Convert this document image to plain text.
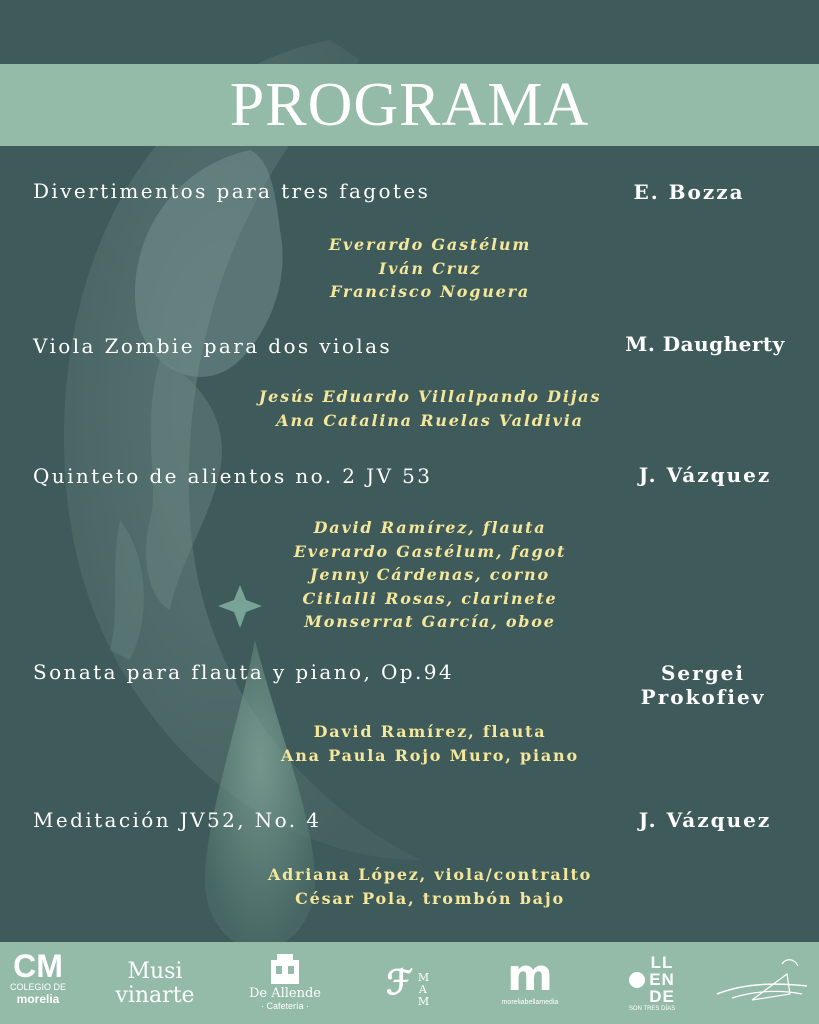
PROGRAMA
Divertimentos para tres fagotes	E. Bozza
Everardo Gastélum
Iván Cruz
Francisco Noguera
Viola Zombie para dos violas	M. Daugherty
Jesús Eduardo Villalpando Dijas
Ana Catalina Ruelas Valdivia
Quinteto de alientos no. 2 JV 53	J. Vázquez
David Ramírez, flauta
Everardo Gastélum, fagot
Jenny Cárdenas, corno
Citlalli Rosas, clarinete
Monserrat García, oboe
Sonata para flauta y piano, Op.94	Sergei
Prokofiev
David Ramírez, flauta
Ana Paula Rojo Muro, piano
Meditación JV52, No. 4	J. Vázquez
Adriana López, viola/contralto
César Pola, trombón bajo
CM
COLEGIO DE
morelia
Musi
vinarte	De Allende
· Cafetería ·
ℱ M A M	m
moreliabellamedia
LL
EN
DE
SON TRES DÍAS
